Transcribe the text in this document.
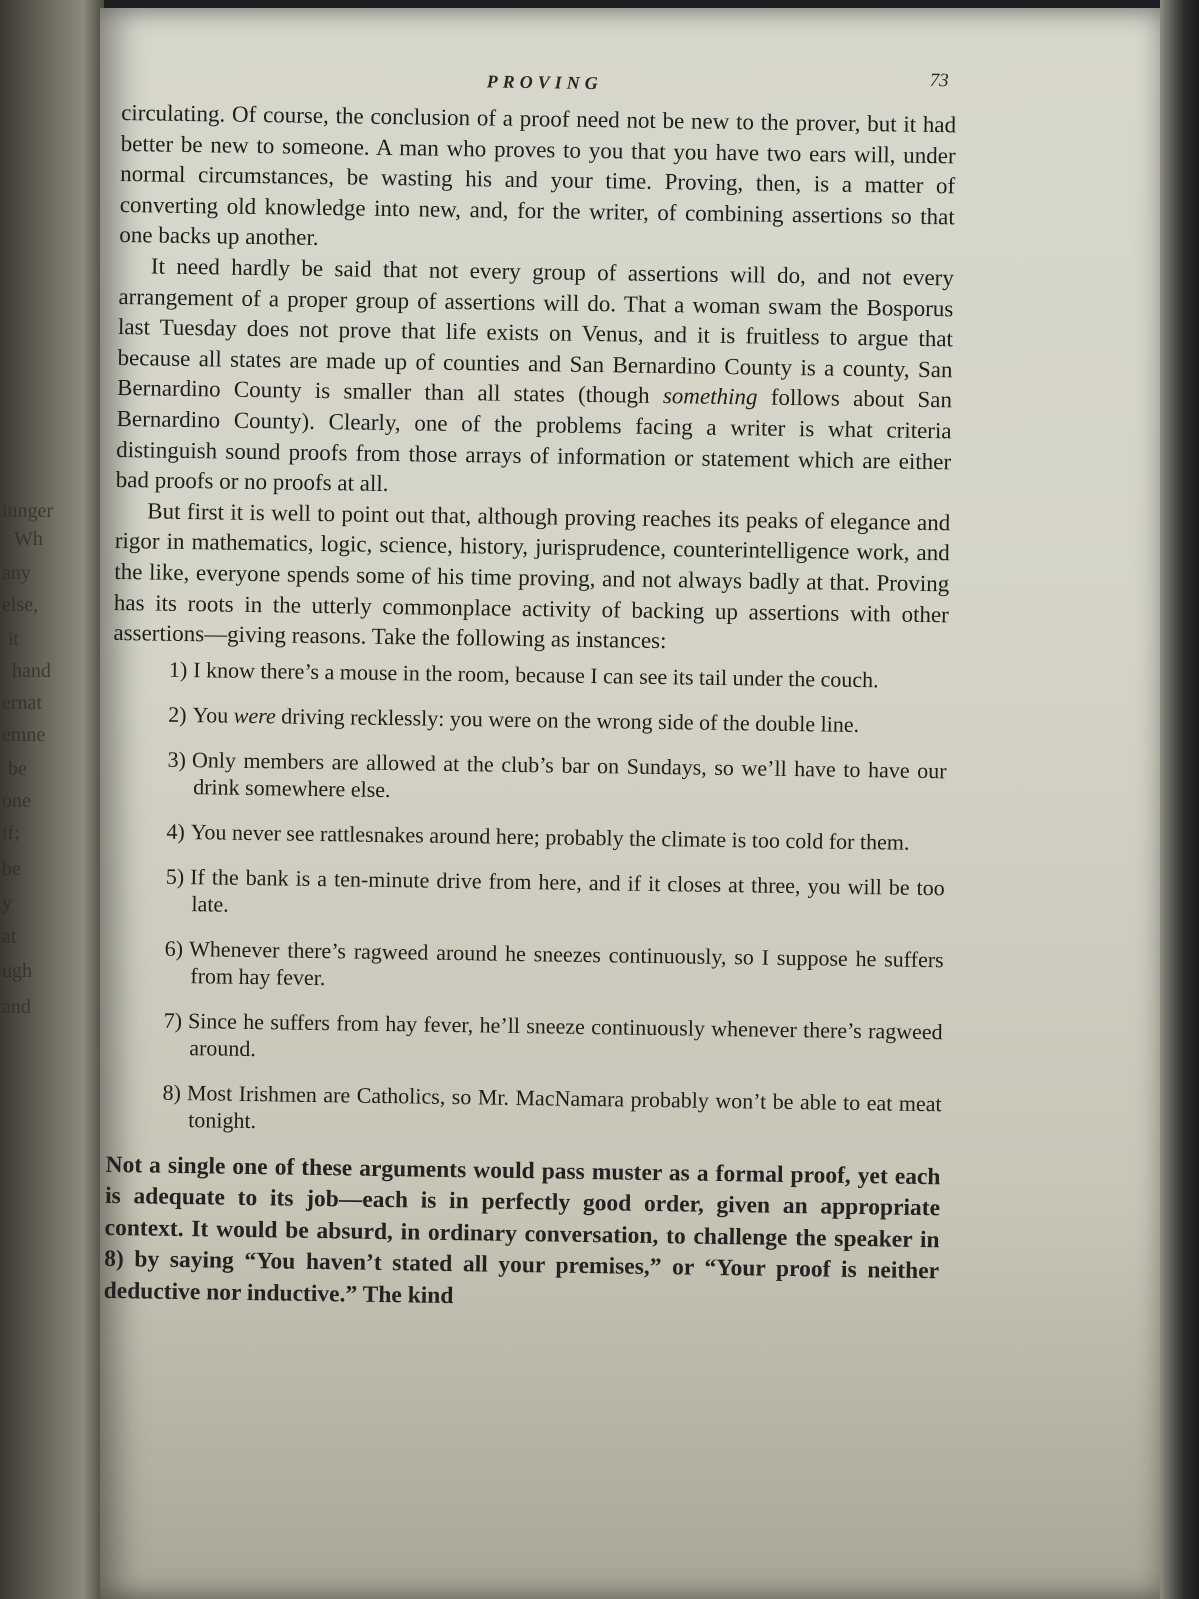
iunger
Wh
any
else,
it
hand
ernat
emne
be
one
if;
be
y
at
ugh
and
PROVING	73

circulating. Of course, the conclusion of a proof need not be new to the prover, but it had better be new to someone. A man who proves to you that you have two ears will, under normal circumstances, be wasting his and your time. Proving, then, is a matter of converting old knowledge into new, and, for the writer, of combining assertions so that one backs up another.

It need hardly be said that not every group of assertions will do, and not every arrangement of a proper group of assertions will do. That a woman swam the Bosporus last Tuesday does not prove that life exists on Venus, and it is fruitless to argue that because all states are made up of counties and San Bernardino County is a county, San Bernardino County is smaller than all states (though something follows about San Bernardino County). Clearly, one of the problems facing a writer is what criteria distinguish sound proofs from those arrays of information or statement which are either bad proofs or no proofs at all.

But first it is well to point out that, although proving reaches its peaks of elegance and rigor in mathematics, logic, science, history, jurisprudence, counterintelligence work, and the like, everyone spends some of his time proving, and not always badly at that. Proving has its roots in the utterly commonplace activity of backing up assertions with other assertions—giving reasons. Take the following as instances:

1) I know there’s a mouse in the room, because I can see its tail under the couch.
2) You were driving recklessly: you were on the wrong side of the double line.
3) Only members are allowed at the club’s bar on Sundays, so we’ll have to have our drink somewhere else.
4) You never see rattlesnakes around here; probably the climate is too cold for them.
5) If the bank is a ten-minute drive from here, and if it closes at three, you will be too late.
6) Whenever there’s ragweed around he sneezes continuously, so I suppose he suffers from hay fever.
7) Since he suffers from hay fever, he’ll sneeze continuously whenever there’s ragweed around.
8) Most Irishmen are Catholics, so Mr. MacNamara probably won’t be able to eat meat tonight.

Not a single one of these arguments would pass muster as a formal proof, yet each is adequate to its job—each is in perfectly good order, given an appropriate context. It would be absurd, in ordinary conversation, to challenge the speaker in 8) by saying “You haven’t stated all your premises,” or “Your proof is neither deductive nor inductive.” The kind
